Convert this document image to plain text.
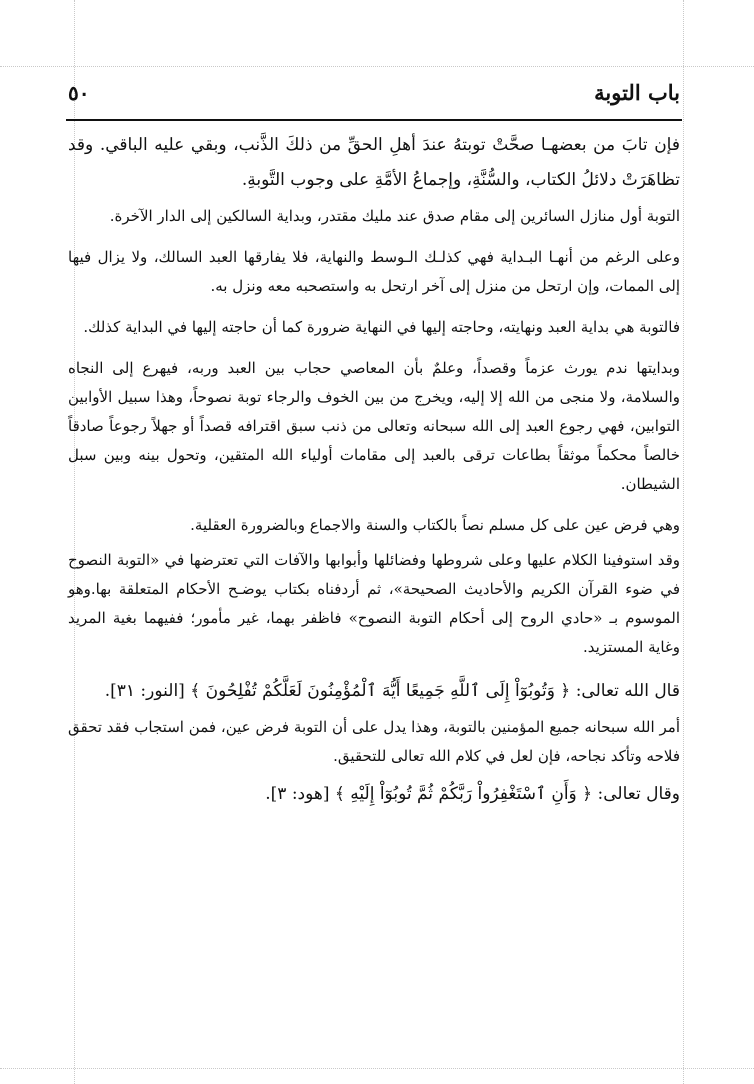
باب التوبة
٥٠

فإن تابَ من بعضهـا صحَّتْ توبتهُ عندَ أهلِ الحقِّ من ذلكَ الذَّنب، وبقي عليه الباقي. وقد تظاهَرَتْ دلائلُ الكتاب، والسُّنَّةِ، وإجماعُ الأمَّةِ على وجوب التَّوبةِ.

التوبة أول منازل السائرين إلى مقام صدق عند مليك مقتدر، وبداية السالكين إلى الدار الآخرة.

وعلى الرغم من أنهـا البـداية فهي كذلـك الـوسط والنهاية، فلا يفارقها العبد السالك، ولا يزال فيها إلى الممات، وإن ارتحل من منزل إلى آخر ارتحل به واستصحبه معه ونزل به.

فالتوبة هي بداية العبد ونهايته، وحاجته إليها في النهاية ضرورة كما أن حاجته إليها في البداية كذلك.

وبدايتها ندم يورث عزماً وقصداً، وعلمٌ بأن المعاصي حجاب بين العبد وربه، فيهرع إلى النجاه والسلامة، ولا منجى من الله إلا إليه، ويخرج من بين الخوف والرجاء توبة نصوحاً، وهذا سبيل الأوابين التوابين، فهي رجوع العبد إلى الله سبحانه وتعالى من ذنب سبق اقترافه قصداً أو جهلاً رجوعاً صادقاً خالصاً محكماً موثقاً بطاعات ترقى بالعبد إلى مقامات أولياء الله المتقين، وتحول بينه وبين سبل الشيطان.

وهي فرض عين على كل مسلم نصاً بالكتاب والسنة والاجماع وبالضرورة العقلية.

وقد استوفينا الكلام عليها وعلى شروطها وفضائلها وأبوابها والآفات التي تعترضها في «التوبة النصوح في ضوء القرآن الكريم والأحاديث الصحيحة»، ثم أردفناه بكتاب يوضـح الأحكام المتعلقة بها.وهو الموسوم بـ «حادي الروح إلى أحكام التوبة النصوح» فاظفر بهما، غير مأمور؛ ففيهما بغية المريد وغاية المستزيد.

قال الله تعالى: ﴿ وَتُوبُوٓاْ إِلَى ٱللَّهِ جَمِيعًا أَيُّهَ ٱلْمُؤْمِنُونَ لَعَلَّكُمْ تُفْلِحُونَ ﴾ [النور: ٣١].

أمر الله سبحانه جميع المؤمنين بالتوبة، وهذا يدل على أن التوبة فرض عين، فمن استجاب فقد تحقق فلاحه وتأكد نجاحه، فإن لعل في كلام الله تعالى للتحقيق.

وقال تعالى: ﴿ وَأَنِ ٱسْتَغْفِرُواْ رَبَّكُمْ ثُمَّ تُوبُوٓاْ إِلَيْهِ ﴾ [هود: ٣].
